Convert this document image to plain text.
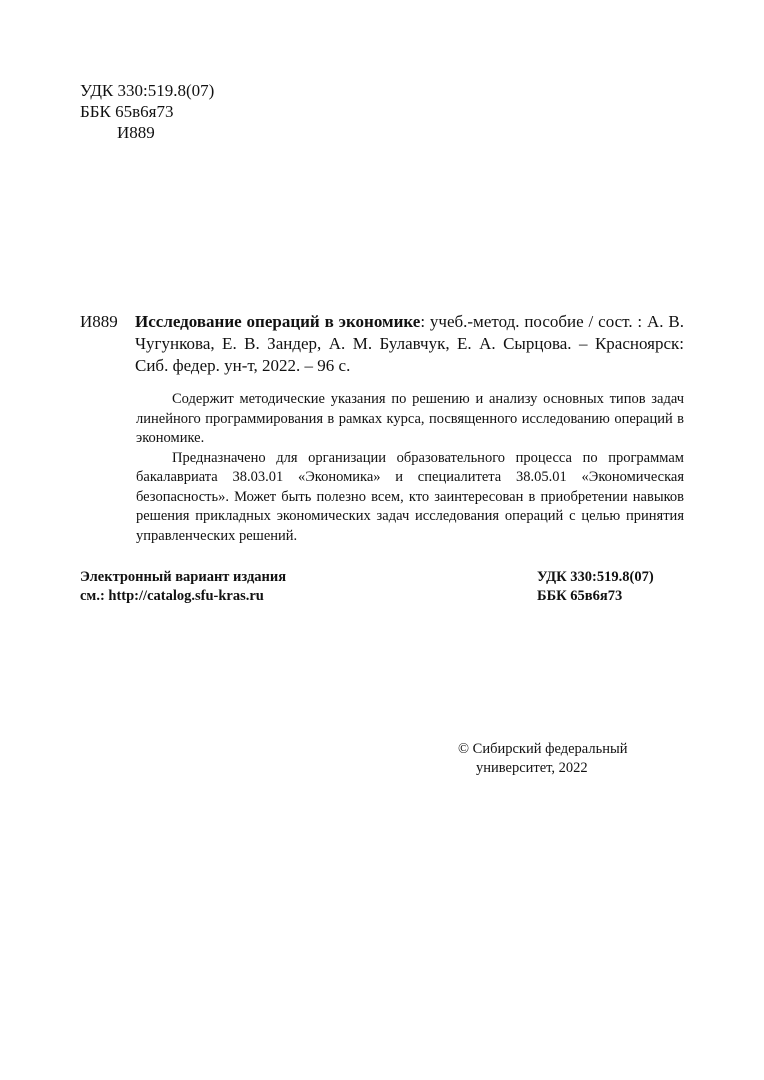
УДК 330:519.8(07)
ББК 65в6я73
И889
И889 Исследование операций в экономике: учеб.-метод. пособие / сост. : А. В. Чугункова, Е. В. Зандер, А. М. Булавчук, Е. А. Сырцова. – Красноярск: Сиб. федер. ун-т, 2022. – 96 с.

Содержит методические указания по решению и анализу основных типов задач линейного программирования в рамках курса, посвященного исследованию операций в экономике.

Предназначено для организации образовательного процесса по программам бакалавриата 38.03.01 «Экономика» и специалитета 38.05.01 «Экономическая безопасность». Может быть полезно всем, кто заинтересован в приобретении навыков решения прикладных экономических задач исследования операций с целью принятия управленческих решений.

Электронный вариант издания
см.: http://catalog.sfu-kras.ru
УДК 330:519.8(07)
ББК 65в6я73
© Сибирский федеральный
университет, 2022
